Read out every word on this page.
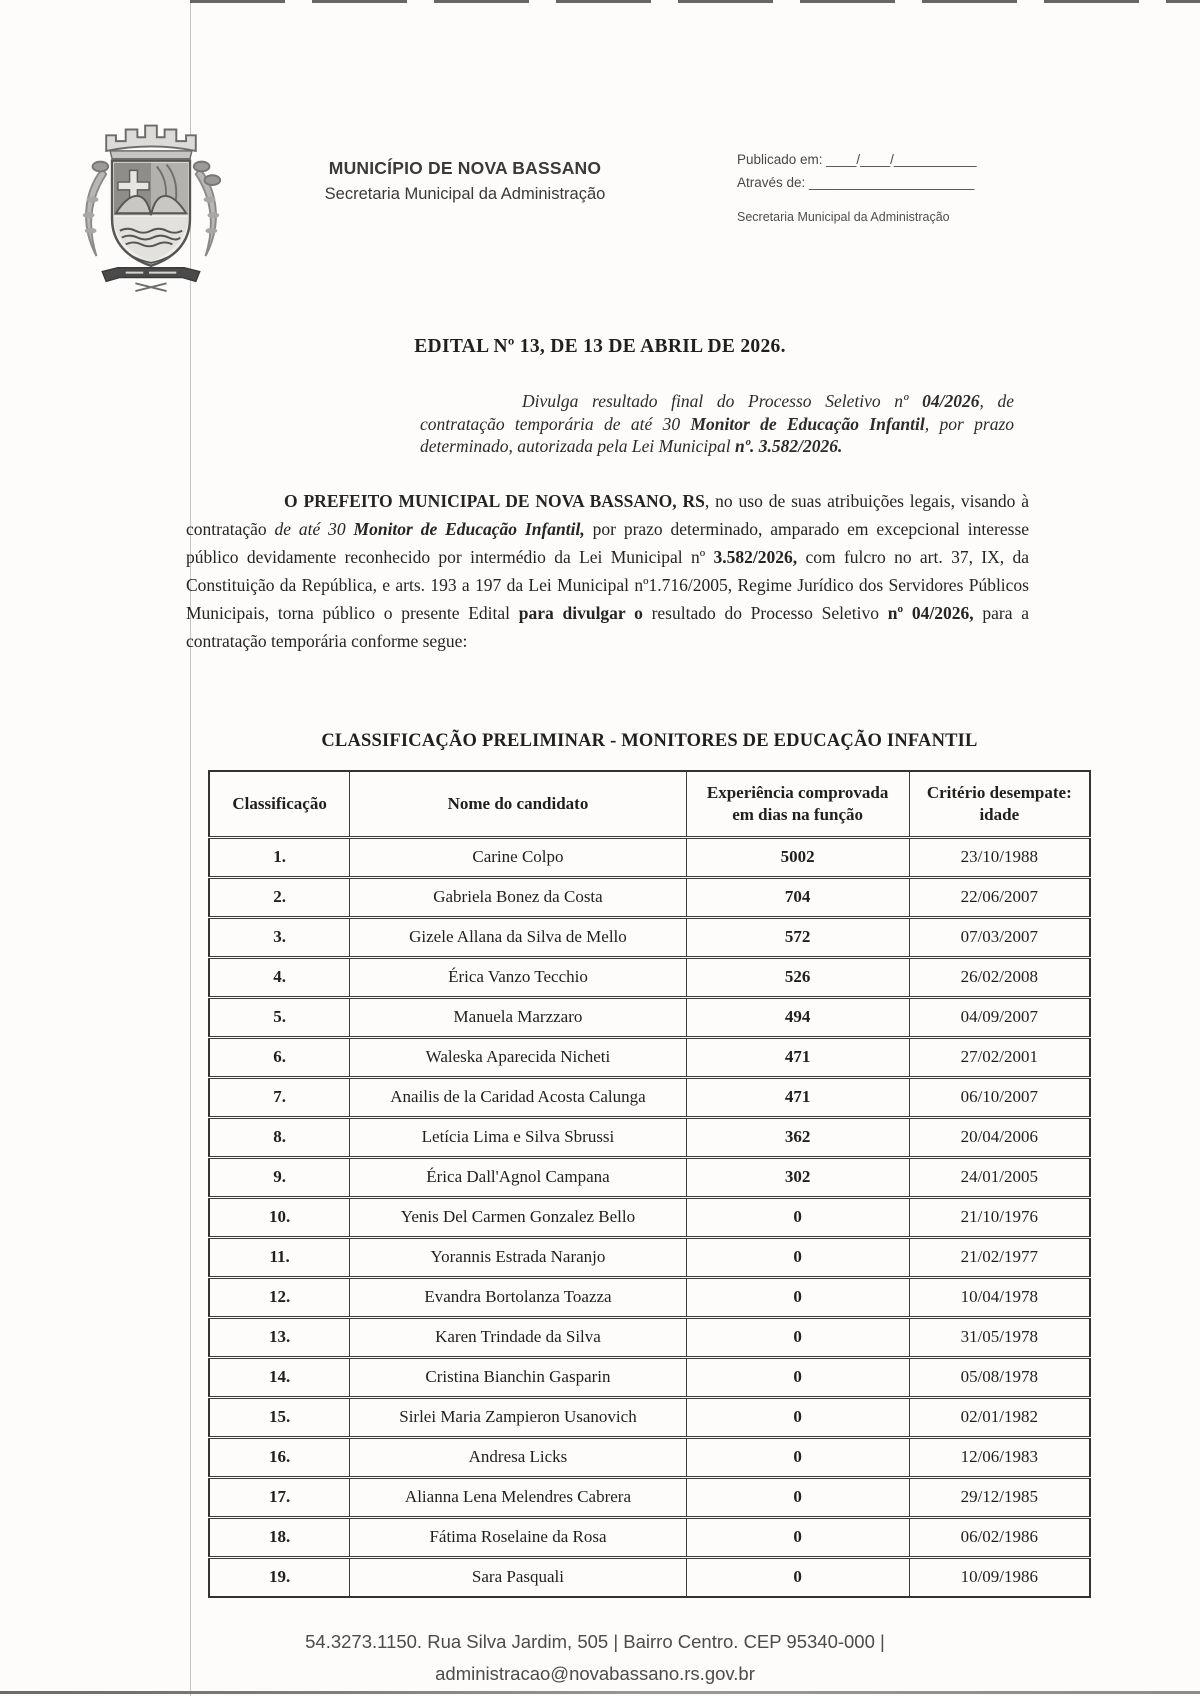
MUNICÍPIO DE NOVA BASSANO
Secretaria Municipal da Administração
Publicado em: ____/____/___________
Através de: ______________________
Secretaria Municipal da Administração
EDITAL Nº 13, DE 13 DE ABRIL DE 2026.

Divulga resultado final do Processo Seletivo nº 04/2026, de contratação temporária de até 30 Monitor de Educação Infantil, por prazo determinado, autorizada pela Lei Municipal nº. 3.582/2026.

O PREFEITO MUNICIPAL DE NOVA BASSANO, RS, no uso de suas atribuições legais, visando à contratação de até 30 Monitor de Educação Infantil, por prazo determinado, amparado em excepcional interesse público devidamente reconhecido por intermédio da Lei Municipal nº 3.582/2026, com fulcro no art. 37, IX, da Constituição da República, e arts. 193 a 197 da Lei Municipal nº1.716/2005, Regime Jurídico dos Servidores Públicos Municipais, torna público o presente Edital para divulgar o resultado do Processo Seletivo nº 04/2026, para a contratação temporária conforme segue:

CLASSIFICAÇÃO PRELIMINAR - MONITORES DE EDUCAÇÃO INFANTIL
Classificação	Nome do candidato	Experiência comprovada em dias na função	Critério desempate: idade

1.	Carine Colpo	5002	23/10/1988
2.	Gabriela Bonez da Costa	704	22/06/2007
3.	Gizele Allana da Silva de Mello	572	07/03/2007
4.	Érica Vanzo Tecchio	526	26/02/2008
5.	Manuela Marzzaro	494	04/09/2007
6.	Waleska Aparecida Nicheti	471	27/02/2001
7.	Anailis de la Caridad Acosta Calunga	471	06/10/2007
8.	Letícia Lima e Silva Sbrussi	362	20/04/2006
9.	Érica Dall'Agnol Campana	302	24/01/2005
10.	Yenis Del Carmen Gonzalez Bello	0	21/10/1976
11.	Yorannis Estrada Naranjo	0	21/02/1977
12.	Evandra Bortolanza Toazza	0	10/04/1978
13.	Karen Trindade da Silva	0	31/05/1978
14.	Cristina Bianchin Gasparin	0	05/08/1978
15.	Sirlei Maria Zampieron Usanovich	0	02/01/1982
16.	Andresa Licks	0	12/06/1983
17.	Alianna Lena Melendres Cabrera	0	29/12/1985
18.	Fátima Roselaine da Rosa	0	06/02/1986
19.	Sara Pasquali	0	10/09/1986
54.3273.1150. Rua Silva Jardim, 505 | Bairro Centro. CEP 95340-000 |
administracao@novabassano.rs.gov.br
